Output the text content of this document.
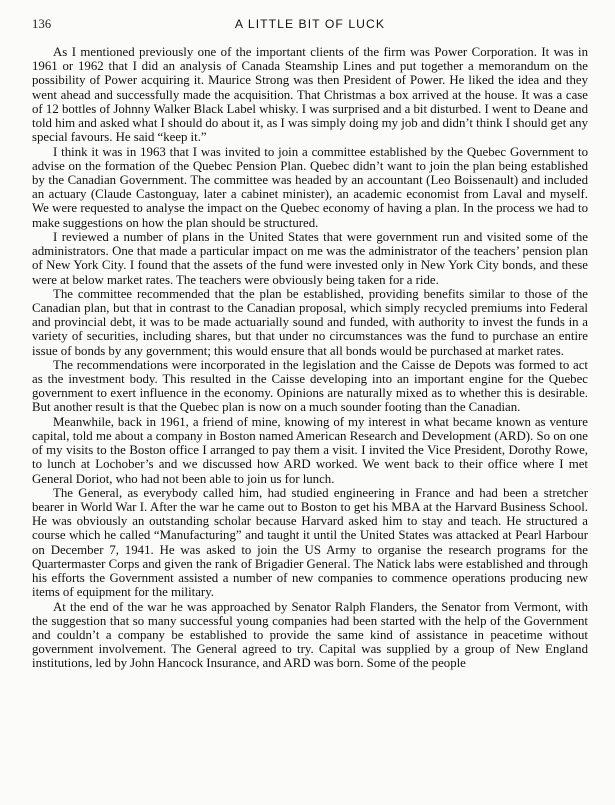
136	A LITTLE BIT OF LUCK

As I mentioned previously one of the important clients of the firm was Power Corporation. It was in 1961 or 1962 that I did an analysis of Canada Steamship Lines and put together a memorandum on the possibility of Power acquiring it. Maurice Strong was then President of Power. He liked the idea and they went ahead and successfully made the acquisition. That Christmas a box arrived at the house. It was a case of 12 bottles of Johnny Walker Black Label whisky. I was surprised and a bit disturbed. I went to Deane and told him and asked what I should do about it, as I was simply doing my job and didn’t think I should get any special favours. He said “keep it.”

I think it was in 1963 that I was invited to join a committee established by the Quebec Government to advise on the formation of the Quebec Pension Plan. Quebec didn’t want to join the plan being established by the Canadian Government. The committee was headed by an accountant (Leo Boissenault) and included an actuary (Claude Castonguay, later a cabinet minister), an academic economist from Laval and myself. We were requested to analyse the impact on the Quebec economy of having a plan. In the process we had to make suggestions on how the plan should be structured.

I reviewed a number of plans in the United States that were government run and visited some of the administrators. One that made a particular impact on me was the administrator of the teachers’ pension plan of New York City. I found that the assets of the fund were invested only in New York City bonds, and these were at below market rates. The teachers were obviously being taken for a ride.

The committee recommended that the plan be established, providing benefits similar to those of the Canadian plan, but that in contrast to the Canadian proposal, which simply recycled premiums into Federal and provincial debt, it was to be made actuarially sound and funded, with authority to invest the funds in a variety of securities, including shares, but that under no circumstances was the fund to purchase an entire issue of bonds by any government; this would ensure that all bonds would be purchased at market rates.

The recommendations were incorporated in the legislation and the Caisse de Depots was formed to act as the investment body. This resulted in the Caisse developing into an important engine for the Quebec government to exert influence in the economy. Opinions are naturally mixed as to whether this is desirable. But another result is that the Quebec plan is now on a much sounder footing than the Canadian.

Meanwhile, back in 1961, a friend of mine, knowing of my interest in what became known as venture capital, told me about a company in Boston named American Research and Development (ARD). So on one of my visits to the Boston office I arranged to pay them a visit. I invited the Vice President, Dorothy Rowe, to lunch at Lochober’s and we discussed how ARD worked. We went back to their office where I met General Doriot, who had not been able to join us for lunch.

The General, as everybody called him, had studied engineering in France and had been a stretcher bearer in World War I. After the war he came out to Boston to get his MBA at the Harvard Business School. He was obviously an outstanding scholar because Harvard asked him to stay and teach. He structured a course which he called “Manufacturing” and taught it until the United States was attacked at Pearl Harbour on December 7, 1941. He was asked to join the US Army to organise the research programs for the Quartermaster Corps and given the rank of Brigadier General. The Natick labs were established and through his efforts the Government assisted a number of new companies to commence operations producing new items of equipment for the military.

At the end of the war he was approached by Senator Ralph Flanders, the Senator from Vermont, with the suggestion that so many successful young companies had been started with the help of the Government and couldn’t a company be established to provide the same kind of assistance in peacetime without government involvement. The General agreed to try. Capital was supplied by a group of New England institutions, led by John Hancock Insurance, and ARD was born. Some of the people
